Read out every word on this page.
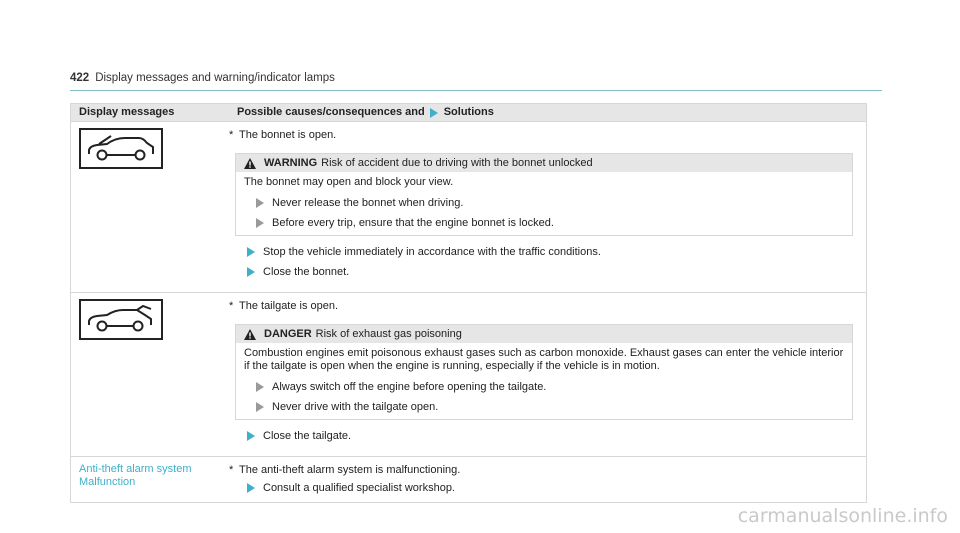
422 Display messages and warning/indicator lamps
Display messages	Possible causes/consequences and Solutions
* The bonnet is open.
WARNING Risk of accident due to driving with the bonnet unlocked
The bonnet may open and block your view.
Never release the bonnet when driving.
Before every trip, ensure that the engine bonnet is locked.
Stop the vehicle immediately in accordance with the traffic conditions.
Close the bonnet.
* The tailgate is open.
DANGER Risk of exhaust gas poisoning
Combustion engines emit poisonous exhaust gases such as carbon monoxide. Exhaust gases can enter the vehicle interior if the tailgate is open when the engine is running, especially if the vehicle is in motion.
Always switch off the engine before opening the tailgate.
Never drive with the tailgate open.
Close the tailgate.
Anti-theft alarm system
Malfunction
* The anti-theft alarm system is malfunctioning.
Consult a qualified specialist workshop.
carmanualsonline.info
